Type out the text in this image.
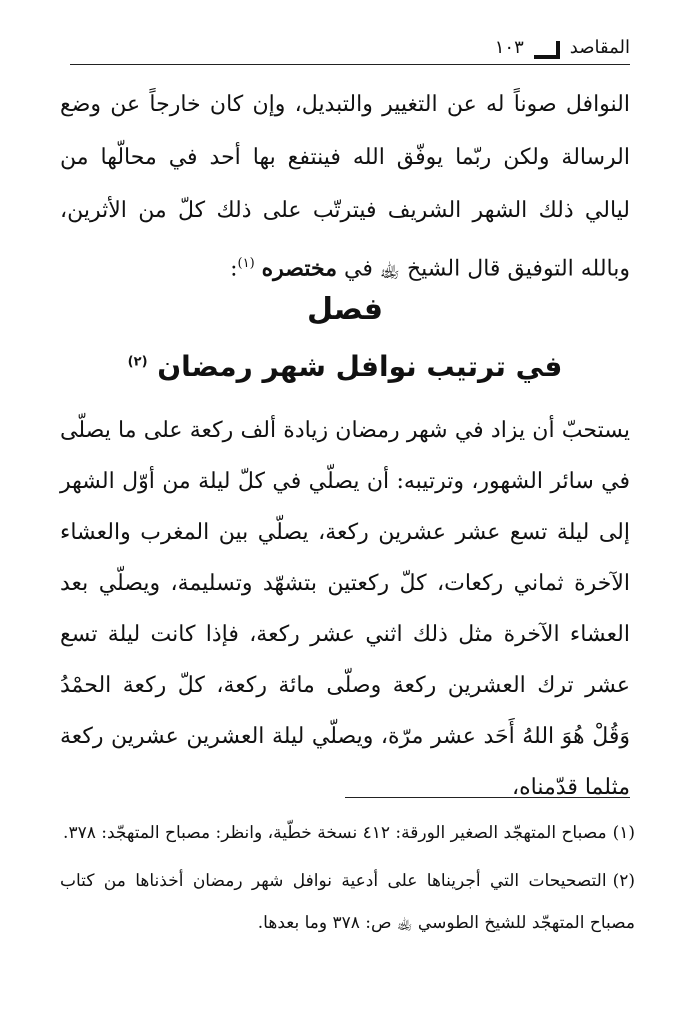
المقاصد
١٠٣

النوافل صوناً له عن التغيير والتبديل، وإن كان خارجاً عن وضع الرسالة ولكن ربّما يوفّق الله فينتفع بها أحد في محالّها من ليالي ذلك الشهر الشريف فيترتّب على ذلك كلّ من الأثرين، وبالله التوفيق قال الشيخ ﵀ في مختصره $^{(١)}$:

فصل
في ترتيب نوافل شهر رمضان $^{(٢)}$

يستحبّ أن يزاد في شهر رمضان زيادة ألف ركعة على ما يصلّى في سائر الشهور، وترتيبه: أن يصلّي في كلّ ليلة من أوّل الشهر إلى ليلة تسع عشر عشرين ركعة، يصلّي بين المغرب والعشاء الآخرة ثماني ركعات، كلّ ركعتين بتشهّد وتسليمة، ويصلّي بعد العشاء الآخرة مثل ذلك اثني عشر ركعة، فإذا كانت ليلة تسع عشر ترك العشرين ركعة وصلّى مائة ركعة، كلّ ركعة الحمْدُ وَقُلْ هُوَ اللهُ أَحَد عشر مرّة، ويصلّي ليلة العشرين عشرين ركعة مثلما قدّمناه،

(١)مصباح المتهجّد الصغير الورقة: ٤١٢ نسخة خطّية، وانظر: مصباح المتهجّد: ٣٧٨.

(٢)التصحيحات التي أجريناها على أدعية نوافل شهر رمضان أخذناها من كتاب مصباح المتهجّد للشيخ الطوسي ﵀ ص: ٣٧٨ وما بعدها.
